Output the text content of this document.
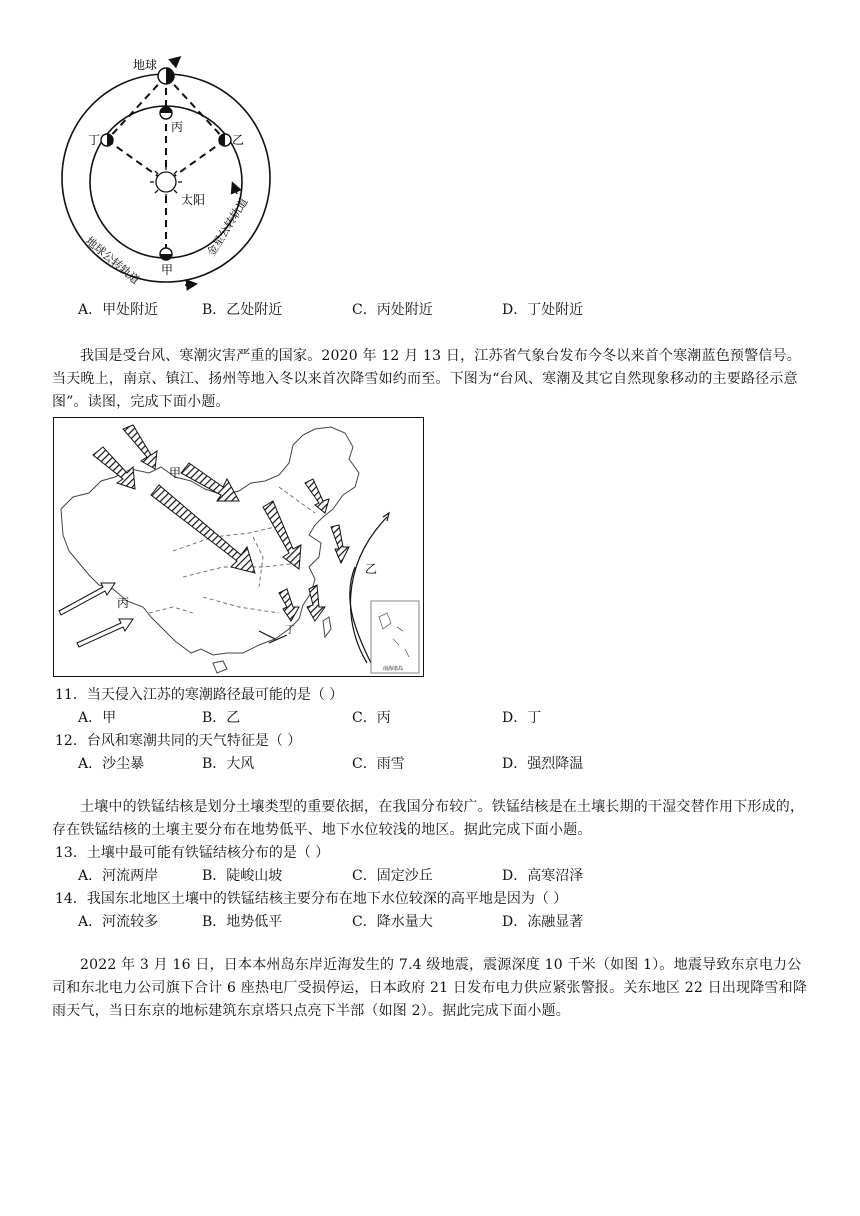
地球
丙
丁	乙
太阳
甲
地球公转轨道
金星公转轨道
A．甲处附近	B．乙处附近	C．丙处附近	D．丁处附近
我国是受台风、寒潮灾害严重的国家。2020 年 12 月 13 日，江苏省气象台发布今冬以来首个寒潮蓝色预警信号。当天晚上，南京、镇江、扬州等地入冬以来首次降雪如约而至。下图为“台风、寒潮及其它自然现象移动的主要路径示意图”。读图，完成下面小题。
南海诸岛
甲
乙
丙
丁
11．当天侵入江苏的寒潮路径最可能的是（ ）
A．甲	B．乙	C．丙	D．丁
12．台风和寒潮共同的天气特征是（ ）
A．沙尘暴	B．大风	C．雨雪	D．强烈降温
土壤中的铁锰结核是划分土壤类型的重要依据，在我国分布较广。铁锰结核是在土壤长期的干湿交替作用下形成的，存在铁锰结核的土壤主要分布在地势低平、地下水位较浅的地区。据此完成下面小题。
13．土壤中最可能有铁锰结核分布的是（ ）
A．河流两岸	B．陡峻山坡	C．固定沙丘	D．高寒沼泽
14．我国东北地区土壤中的铁锰结核主要分布在地下水位较深的高平地是因为（ ）
A．河流较多	B．地势低平	C．降水量大	D．冻融显著
2022 年 3 月 16 日，日本本州岛东岸近海发生的 7.4 级地震，震源深度 10 千米（如图 1）。地震导致东京电力公司和东北电力公司旗下合计 6 座热电厂受损停运，日本政府 21 日发布电力供应紧张警报。关东地区 22 日出现降雪和降雨天气，当日东京的地标建筑东京塔只点亮下半部（如图 2）。据此完成下面小题。
